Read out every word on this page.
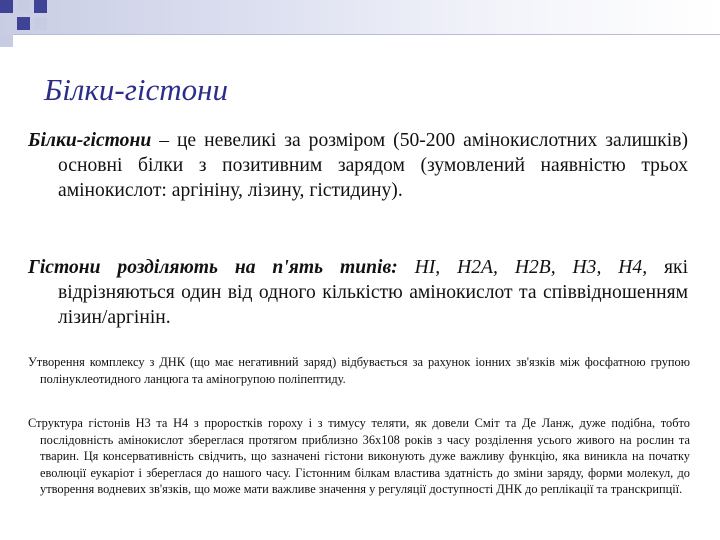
Білки-гістони

Білки-гістони – це невеликі за розміром (50-200 амінокислотних залишків) основні білки з позитивним зарядом (зумовлений наявністю трьох амінокислот: аргініну, лізину, гістидину).

Гістони розділяють на п'ять типів: HI, H2A, H2B, H3, H4, які відрізняються один від одного кількістю амінокислот та співвідношенням лізин/аргінін.

Утворення комплексу з ДНК (що має негативний заряд) відбувається за рахунок іонних зв'язків між фосфатною групою полінуклеотидного ланцюга та аміногрупою поліпептиду.

Структура гістонів Н3 та Н4 з проростків гороху і з тимусу теляти, як довели Сміт та Де Ланж, дуже подібна, тобто послідовність амінокислот збереглася протягом приблизно 36х108 років з часу розділення усього живого на рослин та тварин. Ця консервативність свідчить, що зазначені гістони виконують дуже важливу функцію, яка виникла на початку еволюції еукаріот і збереглася до нашого часу. Гістонним білкам властива здатність до зміни заряду, форми молекул, до утворення водневих зв'язків, що може мати важливе значення у регуляції доступності ДНК до реплікації та транскрипції.
